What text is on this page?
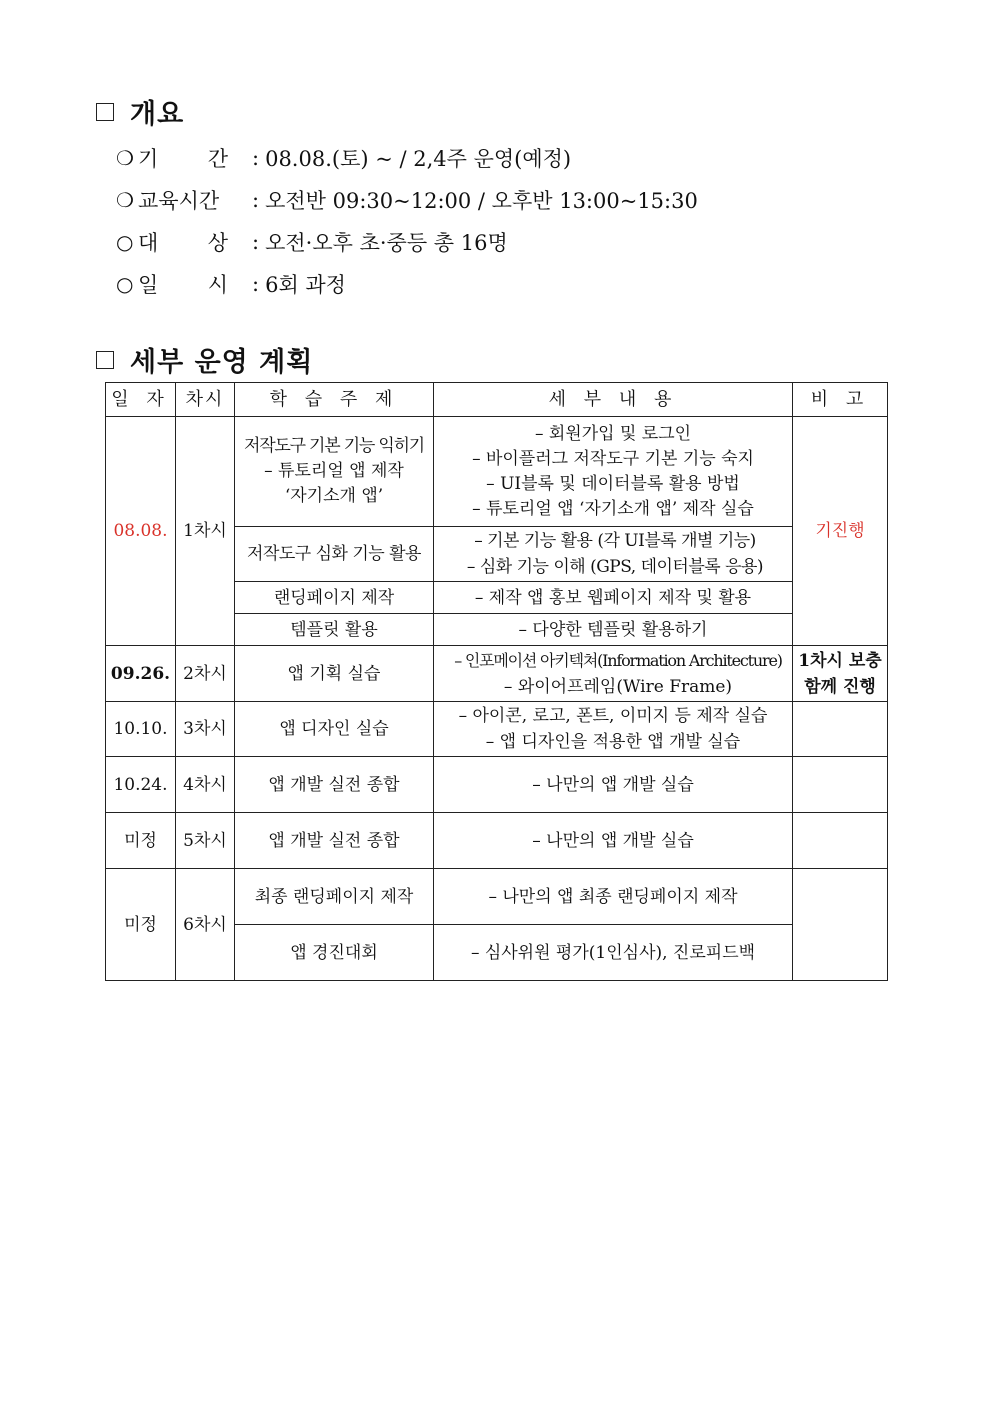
개요
❍ 기 간 : 08.08.(토) ~ / 2,4주 운영(예정)
❍ 교육시간	: 오전반 09:30~12:00 / 오후반 13:00~15:30
○ 대 상 : 오전·오후 초·중등 총 16명
○ 일 시 : 6회 과정
세부 운영 계획
일 자	차시	학 습 주 제	세 부 내 용	비 고
08.08.	1차시	저작도구 기본 기능 익히기
– 튜토리얼 앱 제작
‘자기소개 앱’	– 회원가입 및 로그인
– 바이플러그 저작도구 기본 기능 숙지
– UI블록 및 데이터블록 활용 방법
– 튜토리얼 앱 ‘자기소개 앱’ 제작 실습	기진행
		저작도구 심화 기능 활용	– 기본 기능 활용 (각 UI블록 개별 기능)
– 심화 기능 이해 (GPS, 데이터블록 응용)	

		랜딩페이지 제작	– 제작 앱 홍보 웹페이지 제작 및 활용	
		템플릿 활용	– 다양한 템플릿 활용하기	
09.26.	2차시	앱 기획 실습	– 인포메이션 아키텍쳐(Information Architecture)
– 와이어프레임(Wire Frame)	1차시 보충
함께 진행

10.10.	3차시	앱 디자인 실습	– 아이콘, 로고, 폰트, 이미지 등 제작 실습
– 앱 디자인을 적용한 앱 개발 실습	

10.24.	4차시	앱 개발 실전 종합	– 나만의 앱 개발 실습	
미정	5차시	앱 개발 실전 종합	– 나만의 앱 개발 실습	
미정	6차시	최종 랜딩페이지 제작	– 나만의 앱 최종 랜딩페이지 제작	
		앱 경진대회	– 심사위원 평가(1인심사), 진로피드백	
